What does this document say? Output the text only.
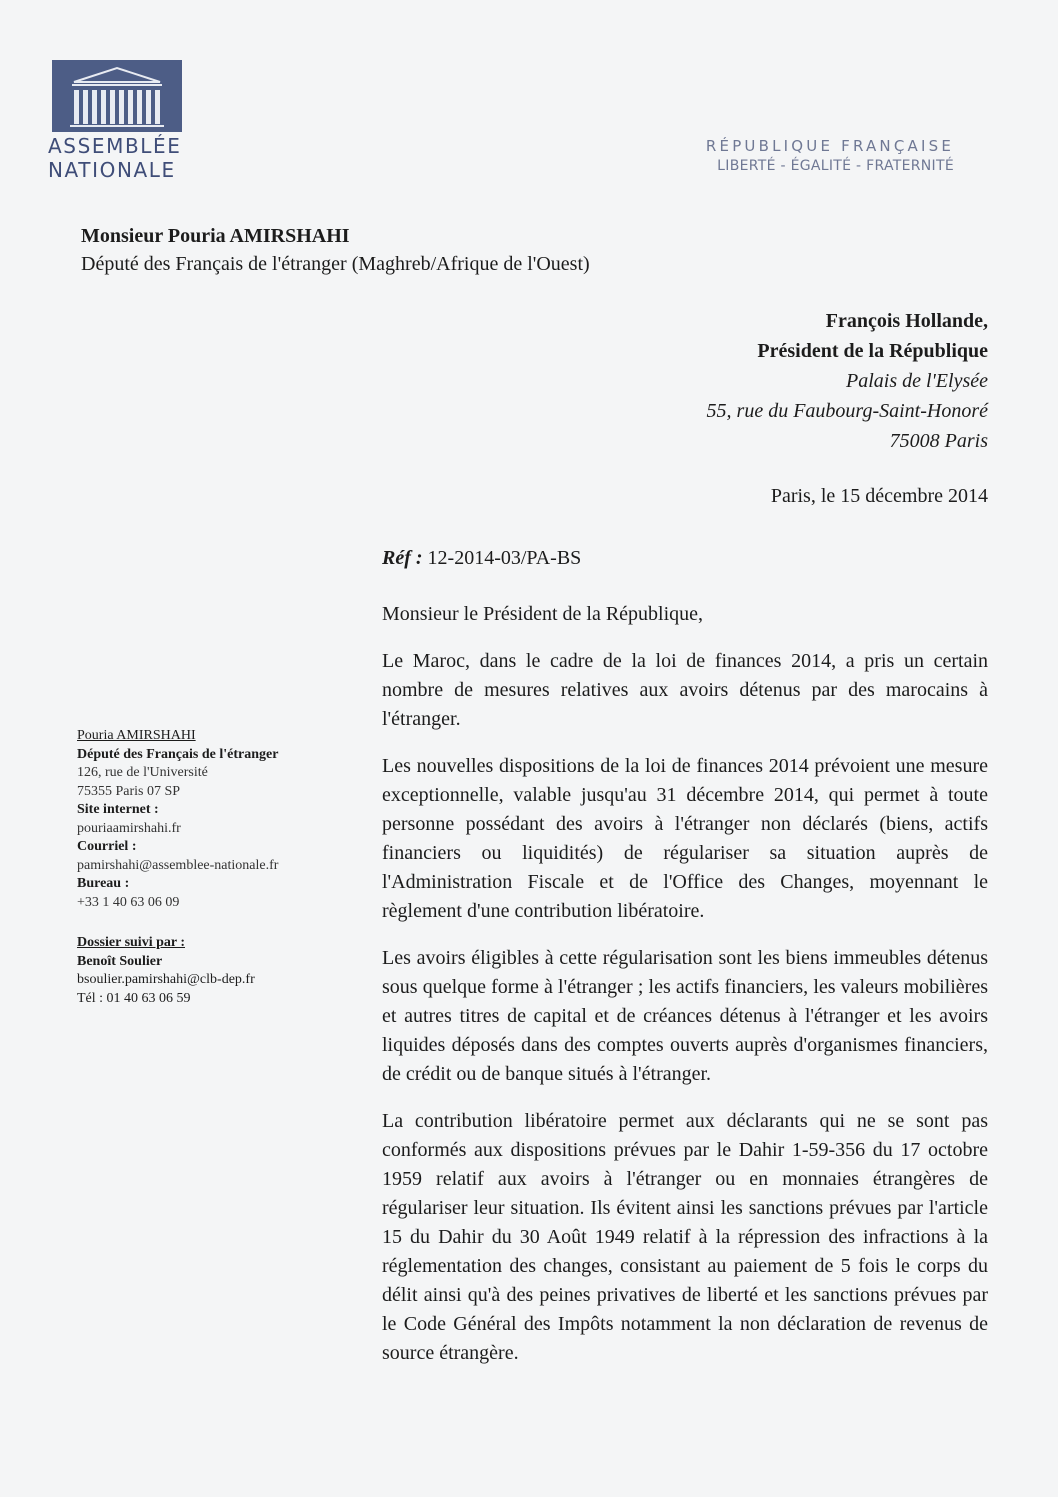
ASSEMBLÉE
NATIONALE
RÉPUBLIQUE FRANÇAISE
LIBERTÉ - ÉGALITÉ - FRATERNITÉ
Monsieur Pouria AMIRSHAHI
Député des Français de l'étranger (Maghreb/Afrique de l'Ouest)
François Hollande,
Président de la République
Palais de l'Elysée
55, rue du Faubourg-Saint-Honoré
75008 Paris
Paris, le 15 décembre 2014
Réf : 12-2014-03/PA-BS
Pouria AMIRSHAHI
Député des Français de l'étranger
126, rue de l'Université
75355 Paris 07 SP
Site internet :
pouriaamirshahi.fr
Courriel :
pamirshahi@assemblee-nationale.fr
Bureau :
+33 1 40 63 06 09
Dossier suivi par :
Benoît Soulier
bsoulier.pamirshahi@clb-dep.fr
Tél : 01 40 63 06 59

Monsieur le Président de la République,

Le Maroc, dans le cadre de la loi de finances 2014, a pris un certain nombre de mesures relatives aux avoirs détenus par des marocains à l'étranger.

Les nouvelles dispositions de la loi de finances 2014 prévoient une mesure exceptionnelle, valable jusqu'au 31 décembre 2014, qui permet à toute personne possédant des avoirs à l'étranger non déclarés (biens, actifs financiers ou liquidités) de régulariser sa situation auprès de l'Administration Fiscale et de l'Office des Changes, moyennant le règlement d'une contribution libératoire.

Les avoirs éligibles à cette régularisation sont les biens immeubles détenus sous quelque forme à l'étranger ; les actifs financiers, les valeurs mobilières et autres titres de capital et de créances détenus à l'étranger et les avoirs liquides déposés dans des comptes ouverts auprès d'organismes financiers, de crédit ou de banque situés à l'étranger.

La contribution libératoire permet aux déclarants qui ne se sont pas conformés aux dispositions prévues par le Dahir 1-59-356 du 17 octobre 1959 relatif aux avoirs à l'étranger ou en monnaies étrangères de régulariser leur situation. Ils évitent ainsi les sanctions prévues par l'article 15 du Dahir du 30 Août 1949 relatif à la répression des infractions à la réglementation des changes, consistant au paiement de 5 fois le corps du délit ainsi qu'à des peines privatives de liberté et les sanctions prévues par le Code Général des Impôts notamment la non déclaration de revenus de source étrangère.
